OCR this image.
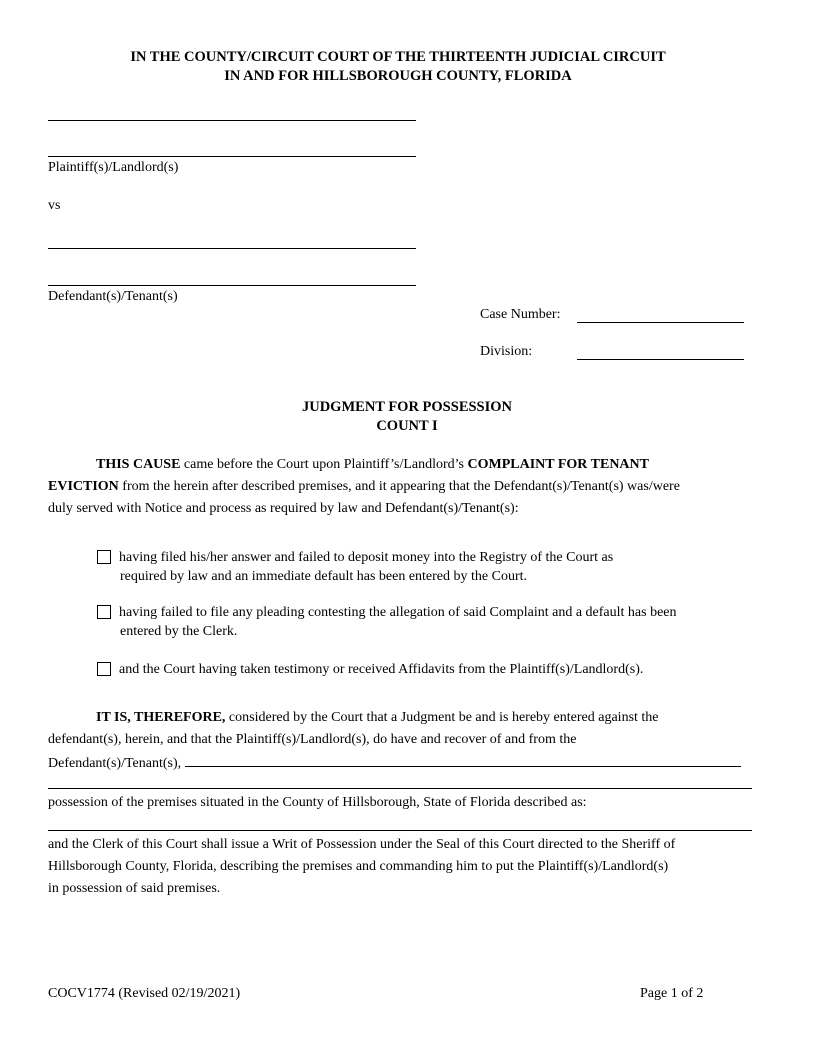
IN THE COUNTY/CIRCUIT COURT OF THE THIRTEENTH JUDICIAL CIRCUIT
IN AND FOR HILLSBOROUGH COUNTY, FLORIDA
Plaintiff(s)/Landlord(s)
vs
Defendant(s)/Tenant(s)
Case Number:
Division:
JUDGMENT FOR POSSESSION
COUNT I
THIS CAUSE came before the Court upon Plaintiff’s/Landlord’s COMPLAINT FOR TENANT
EVICTION from the herein after described premises, and it appearing that the Defendant(s)/Tenant(s) was/were
duly served with Notice and process as required by law and Defendant(s)/Tenant(s):
having filed his/her answer and failed to deposit money into the Registry of the Court as
required by law and an immediate default has been entered by the Court.
having failed to file any pleading contesting the allegation of said Complaint and a default has been
entered by the Clerk.
and the Court having taken testimony or received Affidavits from the Plaintiff(s)/Landlord(s).
IT IS, THEREFORE, considered by the Court that a Judgment be and is hereby entered against the
defendant(s), herein, and that the Plaintiff(s)/Landlord(s), do have and recover of and from the
Defendant(s)/Tenant(s),
possession of the premises situated in the County of Hillsborough, State of Florida described as:
and the Clerk of this Court shall issue a Writ of Possession under the Seal of this Court directed to the Sheriff of
Hillsborough County, Florida, describing the premises and commanding him to put the Plaintiff(s)/Landlord(s)
in possession of said premises.
COCV1774 (Revised 02/19/2021)	Page 1 of 2
